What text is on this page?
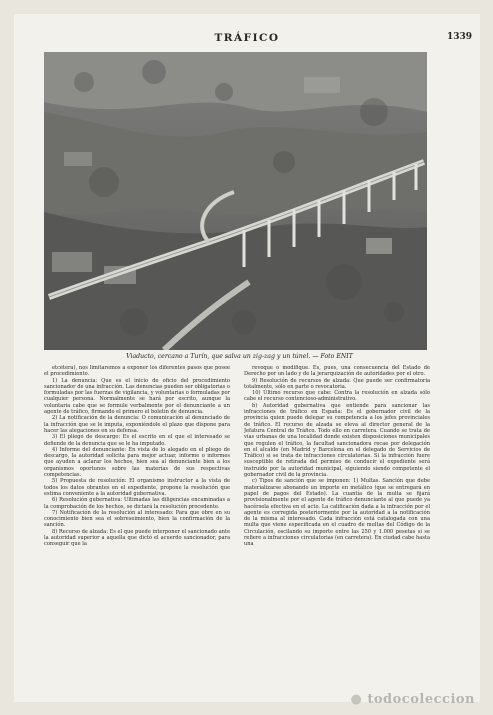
TRÁFICO	1339
Viaducto, cercano a Turín, que salva un zig-zag y un túnel. — Foto ENIT

etcétera), nos limitaremos a exponer los diferentes pasos que posee el procedimiento.

1) La denuncia: Que es el inicio de oficio del procedimiento sancionador de una infracción. Las denuncias pueden ser obligatorias o formuladas por las fuerzas de vigilancia, y voluntarias o formuladas por cualquier persona. Normalmente se hará por escrito, aunque la voluntaria cabe que se formule verbalmente por el denunciante a un agente de tráfico, firmando el primero el boletín de denuncia.

2) La notificación de la denuncia: O comunicación al denunciado de la infracción que se le imputa, exponiéndole el plazo que dispone para hacer las alegaciones en su defensa.

3) El pliego de descargo: Es el escrito en el que el interesado se defiende de la denuncia que se le ha imputado.

4) Informe del denunciante: En vista de lo alegado en el pliego de descargo, la autoridad solicita para mejor actuar, informe o informes que ayuden a aclarar los hechos, bien sea al denunciante bien a los organismos oportunos sobre las materias de sus respectivas competencias.

5) Propuesta de resolución: El organismo instructor a la vista de todos los datos obrantes en el expediente, propone la resolución que estima conveniente a la autoridad gubernativa.

6) Resolución gubernativa: Ultimadas las diligencias encaminadas a la comprobación de los hechos, se dictará la resolución procedente.

7) Notificación de la resolución al interesado: Para que obre en su conocimiento bien sea el sobreseimiento, bien la confirmación de la sanción.

8) Recurso de alzada: Es el que puede interponer el sancionado ante la autoridad superior a aquella que dictó el acuerdo sancionador, para conseguir que la

revoque o modifique. Es, pues, una consecuencia del Estado de Derecho por un lado y de la jerarquización de autoridades por el otro.

9) Resolución de recursos de alzada: Que puede ser confirmatoria totalmente, sólo en parte o revocatoria.

10) Último recurso que cabe: Contra la resolución en alzada sólo cabe el recurso contencioso-administrativo.

b) Autoridad gubernativa que entiende para sancionar las infracciones de tráfico en España: Es el gobernador civil de la provincia quien puede delegar su competencia a los jefes provinciales de tráfico. El recurso de alzada se eleva al director general de la Jefatura Central de Tráfico. Todo ello en carretera. Cuando se trata de vías urbanas de una localidad donde existen disposiciones municipales que regulen el tráfico, la facultad sancionadora recae por delegación en el alcalde (en Madrid y Barcelona en el delegado de Servicios de Tráfico) si se trata de infracciones circulatorias. Si la infracción fuere susceptible de retirada del permiso de conducir el expediente será instruido por la autoridad municipal, siguiendo siendo competente el gobernador civil de la provincia.

c) Tipos de sanción que se imponen: 1) Multas. Sanción que debe materializarse abonando un importe en metálico (que se entregará en papel de pagos del Estado). La cuantía de la multa se fijará provisionalmente por el agente de tráfico denunciante al que puede ya hacérsela efectiva en el acto. La calificación dada a la infracción por el agente es corregida posteriormente por la autoridad a la notificación de la misma al interesado. Cada infracción está catalogada con una multa que viene especificada en el cuadro de multas del Código de la Circulación, oscilando su importe entre las 250 y 1.000 pesetas si se refiere a infracciones circulatorias (en carretera). En ciudad cabe hasta una

● todocoleccion
